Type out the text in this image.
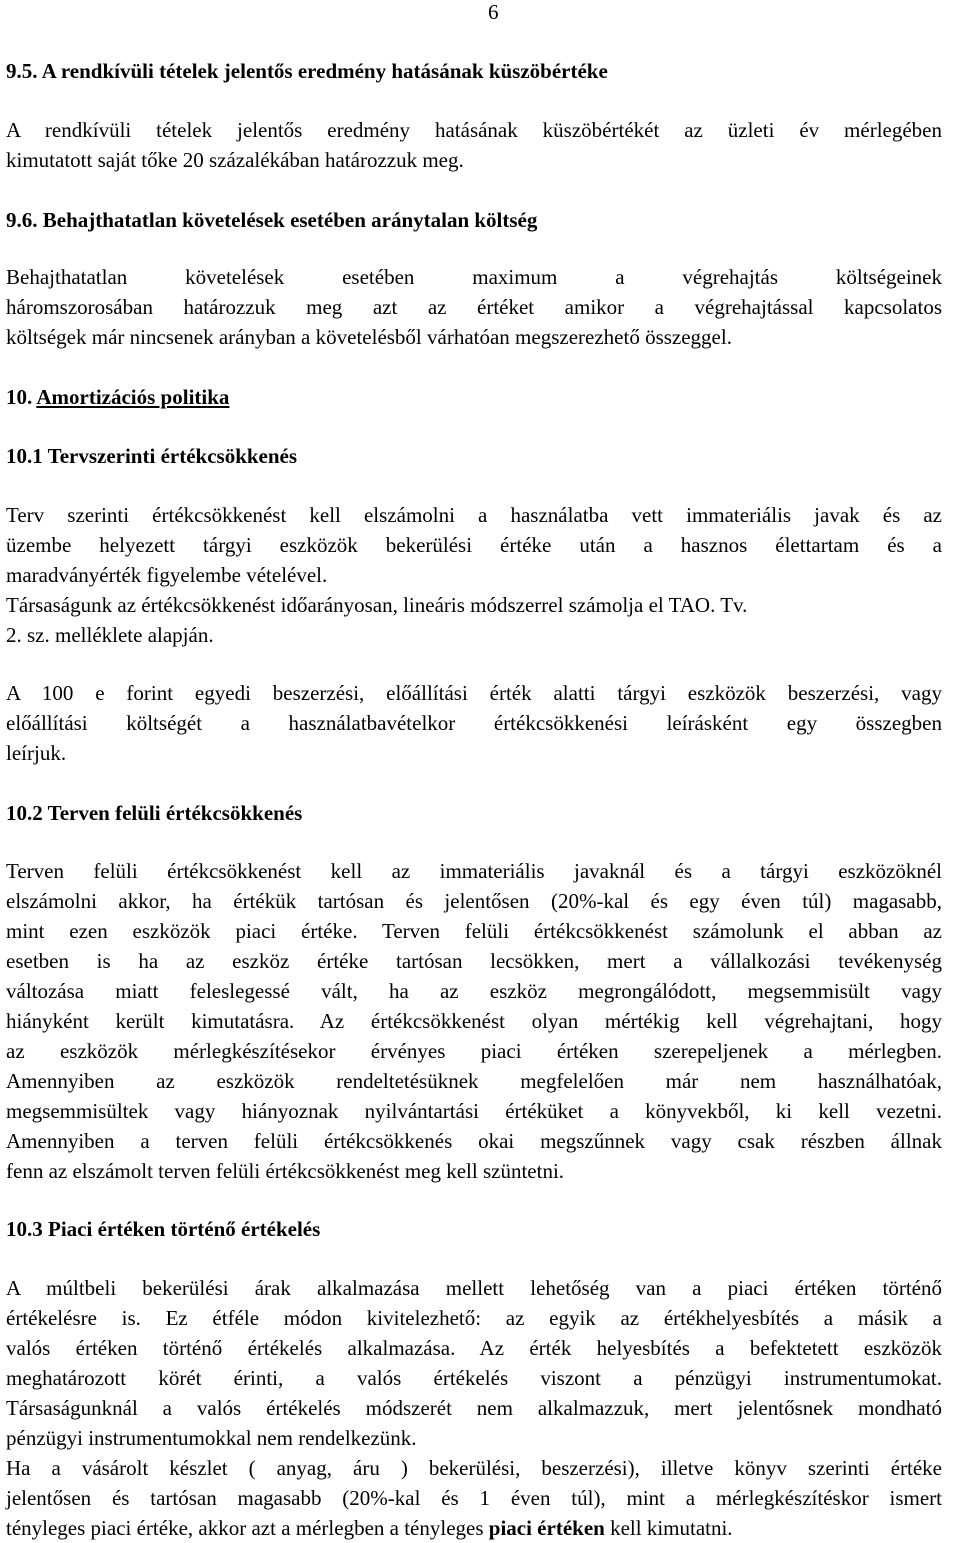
6
9.5. A rendkívüli tételek jelentős eredmény hatásának küszöbértéke
A rendkívüli tételek jelentős eredmény hatásának küszöbértékét az üzleti év mérlegében
kimutatott saját tőke 20 százalékában határozzuk meg.
9.6. Behajthatatlan követelések esetében aránytalan költség
Behajthatatlan követelések esetében maximum a végrehajtás költségeinek
háromszorosában határozzuk meg azt az értéket amikor a végrehajtással kapcsolatos
költségek már nincsenek arányban a követelésből várhatóan megszerezhető összeggel.
10. Amortizációs politika
10.1 Tervszerinti értékcsökkenés
Terv szerinti értékcsökkenést kell elszámolni a használatba vett immateriális javak és az
üzembe helyezett tárgyi eszközök bekerülési értéke után a hasznos élettartam és a
maradványérték figyelembe vételével.
Társaságunk az értékcsökkenést időarányosan, lineáris módszerrel számolja el TAO. Tv.
2. sz. melléklete alapján.
A 100 e forint egyedi beszerzési, előállítási érték alatti tárgyi eszközök beszerzési, vagy
előállítási költségét a használatbavételkor értékcsökkenési leírásként egy összegben
leírjuk.
10.2 Terven felüli értékcsökkenés
Terven felüli értékcsökkenést kell az immateriális javaknál és a tárgyi eszközöknél
elszámolni akkor, ha értékük tartósan és jelentősen (20%-kal és egy éven túl) magasabb,
mint ezen eszközök piaci értéke. Terven felüli értékcsökkenést számolunk el abban az
esetben is ha az eszköz értéke tartósan lecsökken, mert a vállalkozási tevékenység
változása miatt feleslegessé vált, ha az eszköz megrongálódott, megsemmisült vagy
hiányként került kimutatásra. Az értékcsökkenést olyan mértékig kell végrehajtani, hogy
az eszközök mérlegkészítésekor érvényes piaci értéken szerepeljenek a mérlegben.
Amennyiben az eszközök rendeltetésüknek megfelelően már nem használhatóak,
megsemmisültek vagy hiányoznak nyilvántartási értéküket a könyvekből, ki kell vezetni.
Amennyiben a terven felüli értékcsökkenés okai megszűnnek vagy csak részben állnak
fenn az elszámolt terven felüli értékcsökkenést meg kell szüntetni.
10.3 Piaci értéken történő értékelés
A múltbeli bekerülési árak alkalmazása mellett lehetőség van a piaci értéken történő
értékelésre is. Ez étféle módon kivitelezhető: az egyik az értékhelyesbítés a másik a
valós értéken történő értékelés alkalmazása. Az érték helyesbítés a befektetett eszközök
meghatározott körét érinti, a valós értékelés viszont a pénzügyi instrumentumokat.
Társaságunknál a valós értékelés módszerét nem alkalmazzuk, mert jelentősnek mondható
pénzügyi instrumentumokkal nem rendelkezünk.
Ha a vásárolt készlet ( anyag, áru ) bekerülési, beszerzési), illetve könyv szerinti értéke
jelentősen és tartósan magasabb (20%-kal és 1 éven túl), mint a mérlegkészítéskor ismert
tényleges piaci értéke, akkor azt a mérlegben a tényleges piaci értéken kell kimutatni.
